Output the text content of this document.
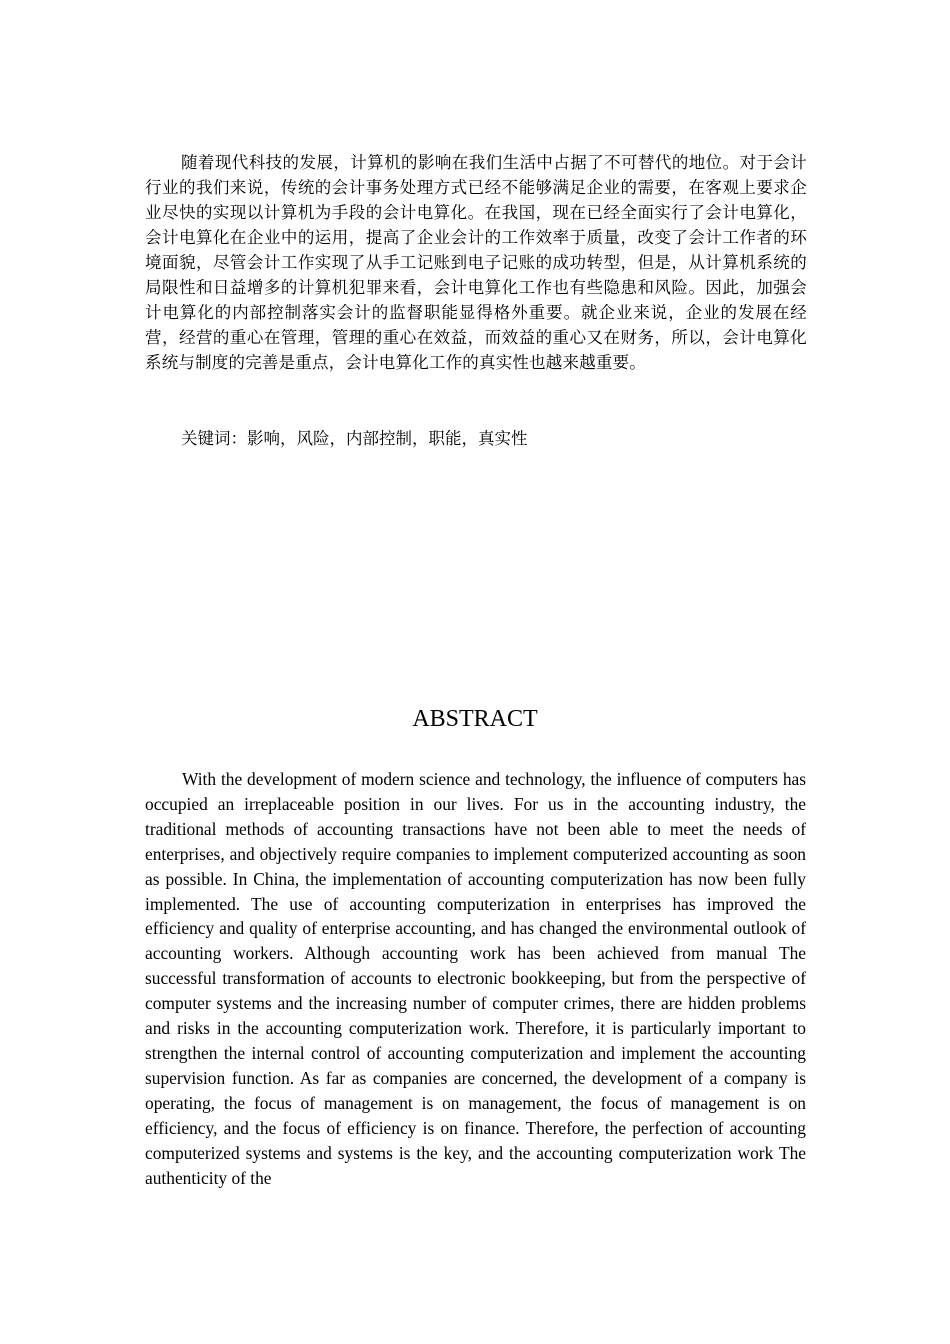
随着现代科技的发展，计算机的影响在我们生活中占据了不可替代的地位。对于会计行业的我们来说，传统的会计事务处理方式已经不能够满足企业的需要，在客观上要求企业尽快的实现以计算机为手段的会计电算化。在我国，现在已经全面实行了会计电算化，会计电算化在企业中的运用，提高了企业会计的工作效率于质量，改变了会计工作者的环境面貌，尽管会计工作实现了从手工记账到电子记账的成功转型，但是，从计算机系统的局限性和日益增多的计算机犯罪来看，会计电算化工作也有些隐患和风险。因此，加强会计电算化的内部控制落实会计的监督职能显得格外重要。就企业来说，企业的发展在经营，经营的重心在管理，管理的重心在效益，而效益的重心又在财务，所以，会计电算化系统与制度的完善是重点，会计电算化工作的真实性也越来越重要。

关键词：影响，风险，内部控制，职能，真实性

ABSTRACT

With the development of modern science and technology, the influence of computers has occupied an irreplaceable position in our lives. For us in the accounting industry, the traditional methods of accounting transactions have not been able to meet the needs of enterprises, and objectively require companies to implement computerized accounting as soon as possible. In China, the implementation of accounting computerization has now been fully implemented. The use of accounting computerization in enterprises has improved the efficiency and quality of enterprise accounting, and has changed the environmental outlook of accounting workers. Although accounting work has been achieved from manual The successful transformation of accounts to electronic bookkeeping, but from the perspective of computer systems and the increasing number of computer crimes, there are hidden problems and risks in the accounting computerization work. Therefore, it is particularly important to strengthen the internal control of accounting computerization and implement the accounting supervision function. As far as companies are concerned, the development of a company is operating, the focus of management is on management, the focus of management is on efficiency, and the focus of efficiency is on finance. Therefore, the perfection of accounting computerized systems and systems is the key, and the accounting computerization work The authenticity of the
